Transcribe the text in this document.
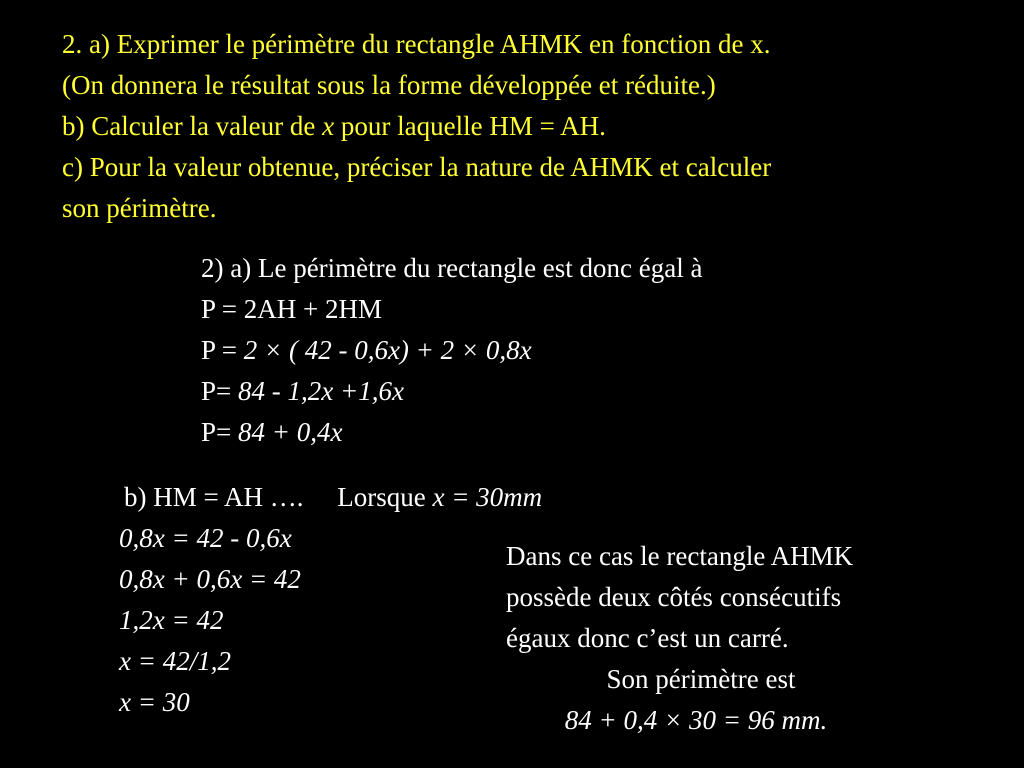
2. a) Exprimer le périmètre du rectangle AHMK en fonction de x.
(On donnera le résultat sous la forme développée et réduite.)
b) Calculer la valeur de x pour laquelle HM = AH.
c) Pour la valeur obtenue, préciser la nature de AHMK et calculer
son périmètre.
2) a) Le périmètre du rectangle est donc égal à
P = 2AH + 2HM
P = 2 × ( 42 - 0,6x) + 2 × 0,8x
P= 84 - 1,2x +1,6x
P= 84 + 0,4x
b) HM = AH ….     Lorsque x = 30mm
0,8x = 42 - 0,6x
0,8x + 0,6x = 42
1,2x = 42
x = 42/1,2
x = 30
Dans ce cas le rectangle AHMK
possède deux côtés consécutifs
égaux donc c’est un carré.
Son périmètre est
84 + 0,4 × 30 = 96 mm.
